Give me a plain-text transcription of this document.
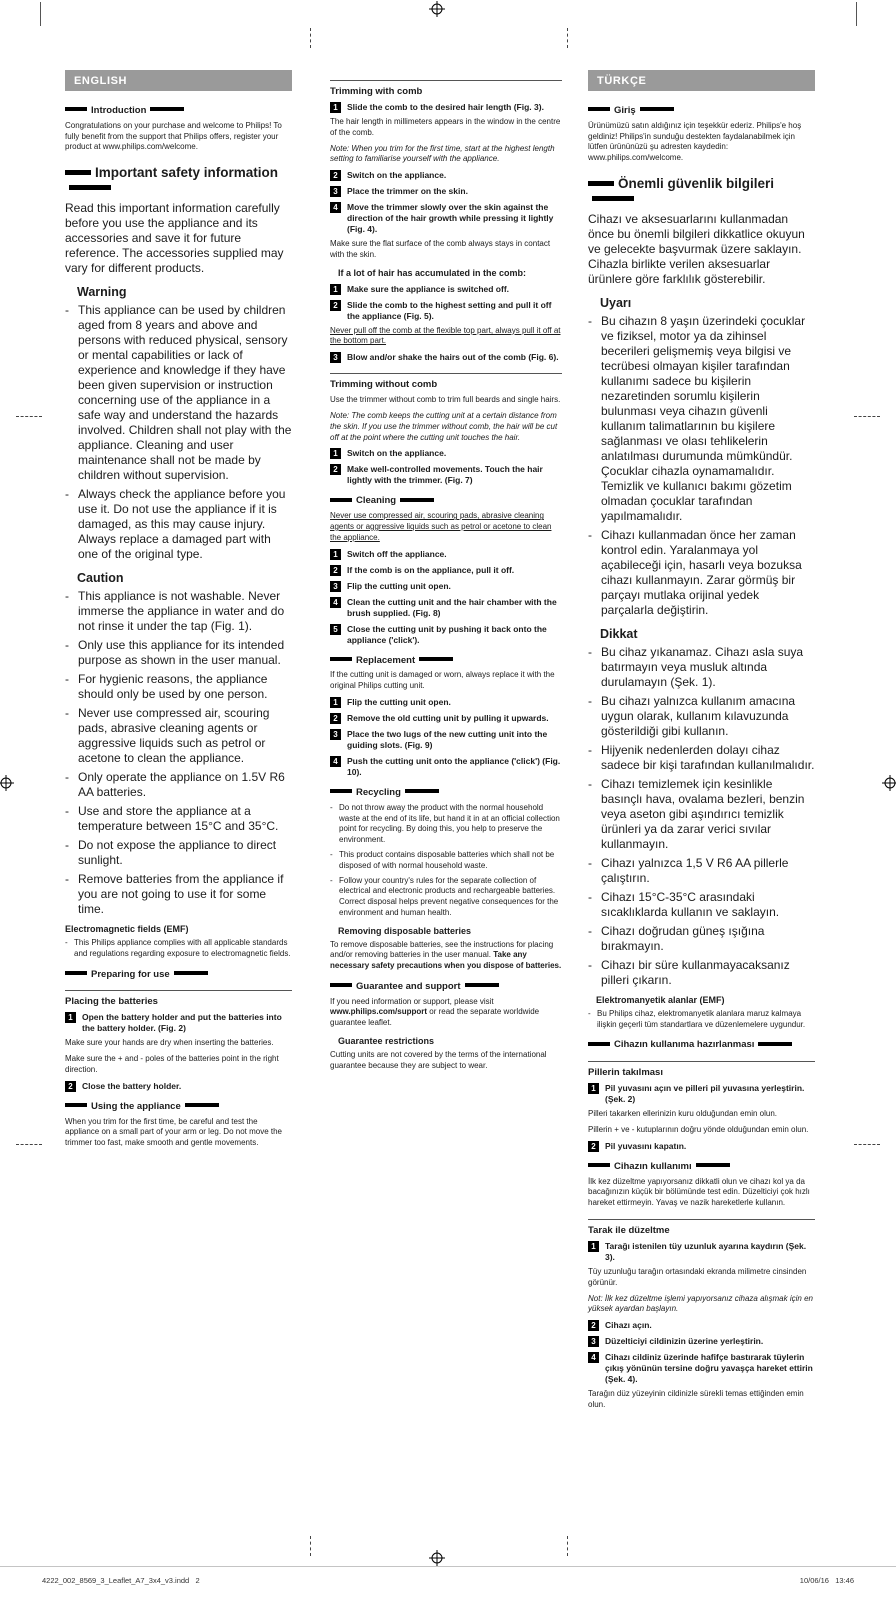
ENGLISH
Introduction
Congratulations on your purchase and welcome to Philips! To fully benefit from the support that Philips offers, register your product at www.philips.com/welcome.
Important safety information
Read this important information carefully before you use the appliance and its accessories and save it for future reference. The accessories supplied may vary for different products.
Warning
- This appliance can be used by children aged from 8 years and above and persons with reduced physical, sensory or mental capabilities or lack of experience and knowledge if they have been given supervision or instruction concerning use of the appliance in a safe way and understand the hazards involved. Children shall not play with the appliance. Cleaning and user maintenance shall not be made by children without supervision.
- Always check the appliance before you use it. Do not use the appliance if it is damaged, as this may cause injury. Always replace a damaged part with one of the original type.
Caution
- This appliance is not washable. Never immerse the appliance in water and do not rinse it under the tap (Fig. 1).
- Only use this appliance for its intended purpose as shown in the user manual.
- For hygienic reasons, the appliance should only be used by one person.
- Never use compressed air, scouring pads, abrasive cleaning agents or aggressive liquids such as petrol or acetone to clean the appliance.
- Only operate the appliance on 1.5V R6 AA batteries.
- Use and store the appliance at a temperature between 15°C and 35°C.
- Do not expose the appliance to direct sunlight.
- Remove batteries from the appliance if you are not going to use it for some time.
Electromagnetic fields (EMF)
- This Philips appliance complies with all applicable standards and regulations regarding exposure to electromagnetic fields.
Preparing for use
Placing the batteries
1	Open the battery holder and put the batteries into the battery holder. (Fig. 2)
Make sure your hands are dry when inserting the batteries.
Make sure the + and - poles of the batteries point in the right direction.
2	Close the battery holder.
Using the appliance
When you trim for the first time, be careful and test the appliance on a small part of your arm or leg. Do not move the trimmer too fast, make smooth and gentle movements.
Trimming with comb
1	Slide the comb to the desired hair length (Fig. 3).
The hair length in millimeters appears in the window in the centre of the comb.
Note: When you trim for the first time, start at the highest length setting to familiarise yourself with the appliance.
2	Switch on the appliance.
3	Place the trimmer on the skin.
4	Move the trimmer slowly over the skin against the direction of the hair growth while pressing it lightly (Fig. 4).
Make sure the flat surface of the comb always stays in contact with the skin.
If a lot of hair has accumulated in the comb:
1	Make sure the appliance is switched off.
2	Slide the comb to the highest setting and pull it off the appliance (Fig. 5).
Never pull off the comb at the flexible top part, always pull it off at the bottom part.
3	Blow and/or shake the hairs out of the comb (Fig. 6).
Trimming without comb
Use the trimmer without comb to trim full beards and single hairs.
Note: The comb keeps the cutting unit at a certain distance from the skin. If you use the trimmer without comb, the hair will be cut off at the point where the cutting unit touches the hair.
1	Switch on the appliance.
2	Make well-controlled movements. Touch the hair lightly with the trimmer. (Fig. 7)
Cleaning
Never use compressed air, scouring pads, abrasive cleaning agents or aggressive liquids such as petrol or acetone to clean the appliance.
1	Switch off the appliance.
2	If the comb is on the appliance, pull it off.
3	Flip the cutting unit open.
4	Clean the cutting unit and the hair chamber with the brush supplied. (Fig. 8)
5	Close the cutting unit by pushing it back onto the appliance ('click').
Replacement
If the cutting unit is damaged or worn, always replace it with the original Philips cutting unit.
1	Flip the cutting unit open.
2	Remove the old cutting unit by pulling it upwards.
3	Place the two lugs of the new cutting unit into the guiding slots. (Fig. 9)
4	Push the cutting unit onto the appliance ('click') (Fig. 10).
Recycling
- Do not throw away the product with the normal household waste at the end of its life, but hand it in at an official collection point for recycling. By doing this, you help to preserve the environment.
- This product contains disposable batteries which shall not be disposed of with normal household waste.
- Follow your country's rules for the separate collection of electrical and electronic products and rechargeable batteries. Correct disposal helps prevent negative consequences for the environment and human health.
Removing disposable batteries
To remove disposable batteries, see the instructions for placing and/or removing batteries in the user manual. Take any necessary safety precautions when you dispose of batteries.
Guarantee and support
If you need information or support, please visit www.philips.com/support or read the separate worldwide guarantee leaflet.
Guarantee restrictions
Cutting units are not covered by the terms of the international guarantee because they are subject to wear.
TÜRKÇE
Giriş
Ürünümüzü satın aldığınız için teşekkür ederiz. Philips'e hoş geldiniz! Philips'in sunduğu destekten faydalanabilmek için lütfen ürününüzü şu adresten kaydedin: www.philips.com/welcome.
Önemli güvenlik bilgileri
Cihazı ve aksesuarlarını kullanmadan önce bu önemli bilgileri dikkatlice okuyun ve gelecekte başvurmak üzere saklayın. Cihazla birlikte verilen aksesuarlar ürünlere göre farklılık gösterebilir.
Uyarı
- Bu cihazın 8 yaşın üzerindeki çocuklar ve fiziksel, motor ya da zihinsel becerileri gelişmemiş veya bilgisi ve tecrübesi olmayan kişiler tarafından kullanımı sadece bu kişilerin nezaretinden sorumlu kişilerin bulunması veya cihazın güvenli kullanım talimatlarının bu kişilere sağlanması ve olası tehlikelerin anlatılması durumunda mümkündür. Çocuklar cihazla oynamamalıdır. Temizlik ve kullanıcı bakımı gözetim olmadan çocuklar tarafından yapılmamalıdır.
- Cihazı kullanmadan önce her zaman kontrol edin. Yaralanmaya yol açabileceği için, hasarlı veya bozuksa cihazı kullanmayın. Zarar görmüş bir parçayı mutlaka orijinal yedek parçalarla değiştirin.
Dikkat
- Bu cihaz yıkanamaz. Cihazı asla suya batırmayın veya musluk altında durulamayın (Şek. 1).
- Bu cihazı yalnızca kullanım amacına uygun olarak, kullanım kılavuzunda gösterildiği gibi kullanın.
- Hijyenik nedenlerden dolayı cihaz sadece bir kişi tarafından kullanılmalıdır.
- Cihazı temizlemek için kesinlikle basınçlı hava, ovalama bezleri, benzin veya aseton gibi aşındırıcı temizlik ürünleri ya da zarar verici sıvılar kullanmayın.
- Cihazı yalnızca 1,5 V R6 AA pillerle çalıştırın.
- Cihazı 15°C-35°C arasındaki sıcaklıklarda kullanın ve saklayın.
- Cihazı doğrudan güneş ışığına bırakmayın.
- Cihazı bir süre kullanmayacaksanız pilleri çıkarın.
Elektromanyetik alanlar (EMF)
- Bu Philips cihaz, elektromanyetik alanlara maruz kalmaya ilişkin geçerli tüm standartlara ve düzenlemelere uygundur.
Cihazın kullanıma hazırlanması
Pillerin takılması
1	Pil yuvasını açın ve pilleri pil yuvasına yerleştirin. (Şek. 2)
Pilleri takarken ellerinizin kuru olduğundan emin olun.
Pillerin + ve - kutuplarının doğru yönde olduğundan emin olun.
2	Pil yuvasını kapatın.
Cihazın kullanımı
İlk kez düzeltme yapıyorsanız dikkatli olun ve cihazı kol ya da bacağınızın küçük bir bölümünde test edin. Düzelticiyi çok hızlı hareket ettirmeyin. Yavaş ve nazik hareketlerle kullanın.
Tarak ile düzeltme
1	Tarağı istenilen tüy uzunluk ayarına kaydırın (Şek. 3).
Tüy uzunluğu tarağın ortasındaki ekranda milimetre cinsinden görünür.
Not: İlk kez düzeltme işlemi yapıyorsanız cihaza alışmak için en yüksek ayardan başlayın.
2	Cihazı açın.
3	Düzelticiyi cildinizin üzerine yerleştirin.
4	Cihazı cildiniz üzerinde hafifçe bastırarak tüylerin çıkış yönünün tersine doğru yavaşça hareket ettirin (Şek. 4).
Tarağın düz yüzeyinin cildinizle sürekli temas ettiğinden emin olun.
4222_002_8569_3_Leaflet_A7_3x4_v3.indd   2	10/06/16   13:46
